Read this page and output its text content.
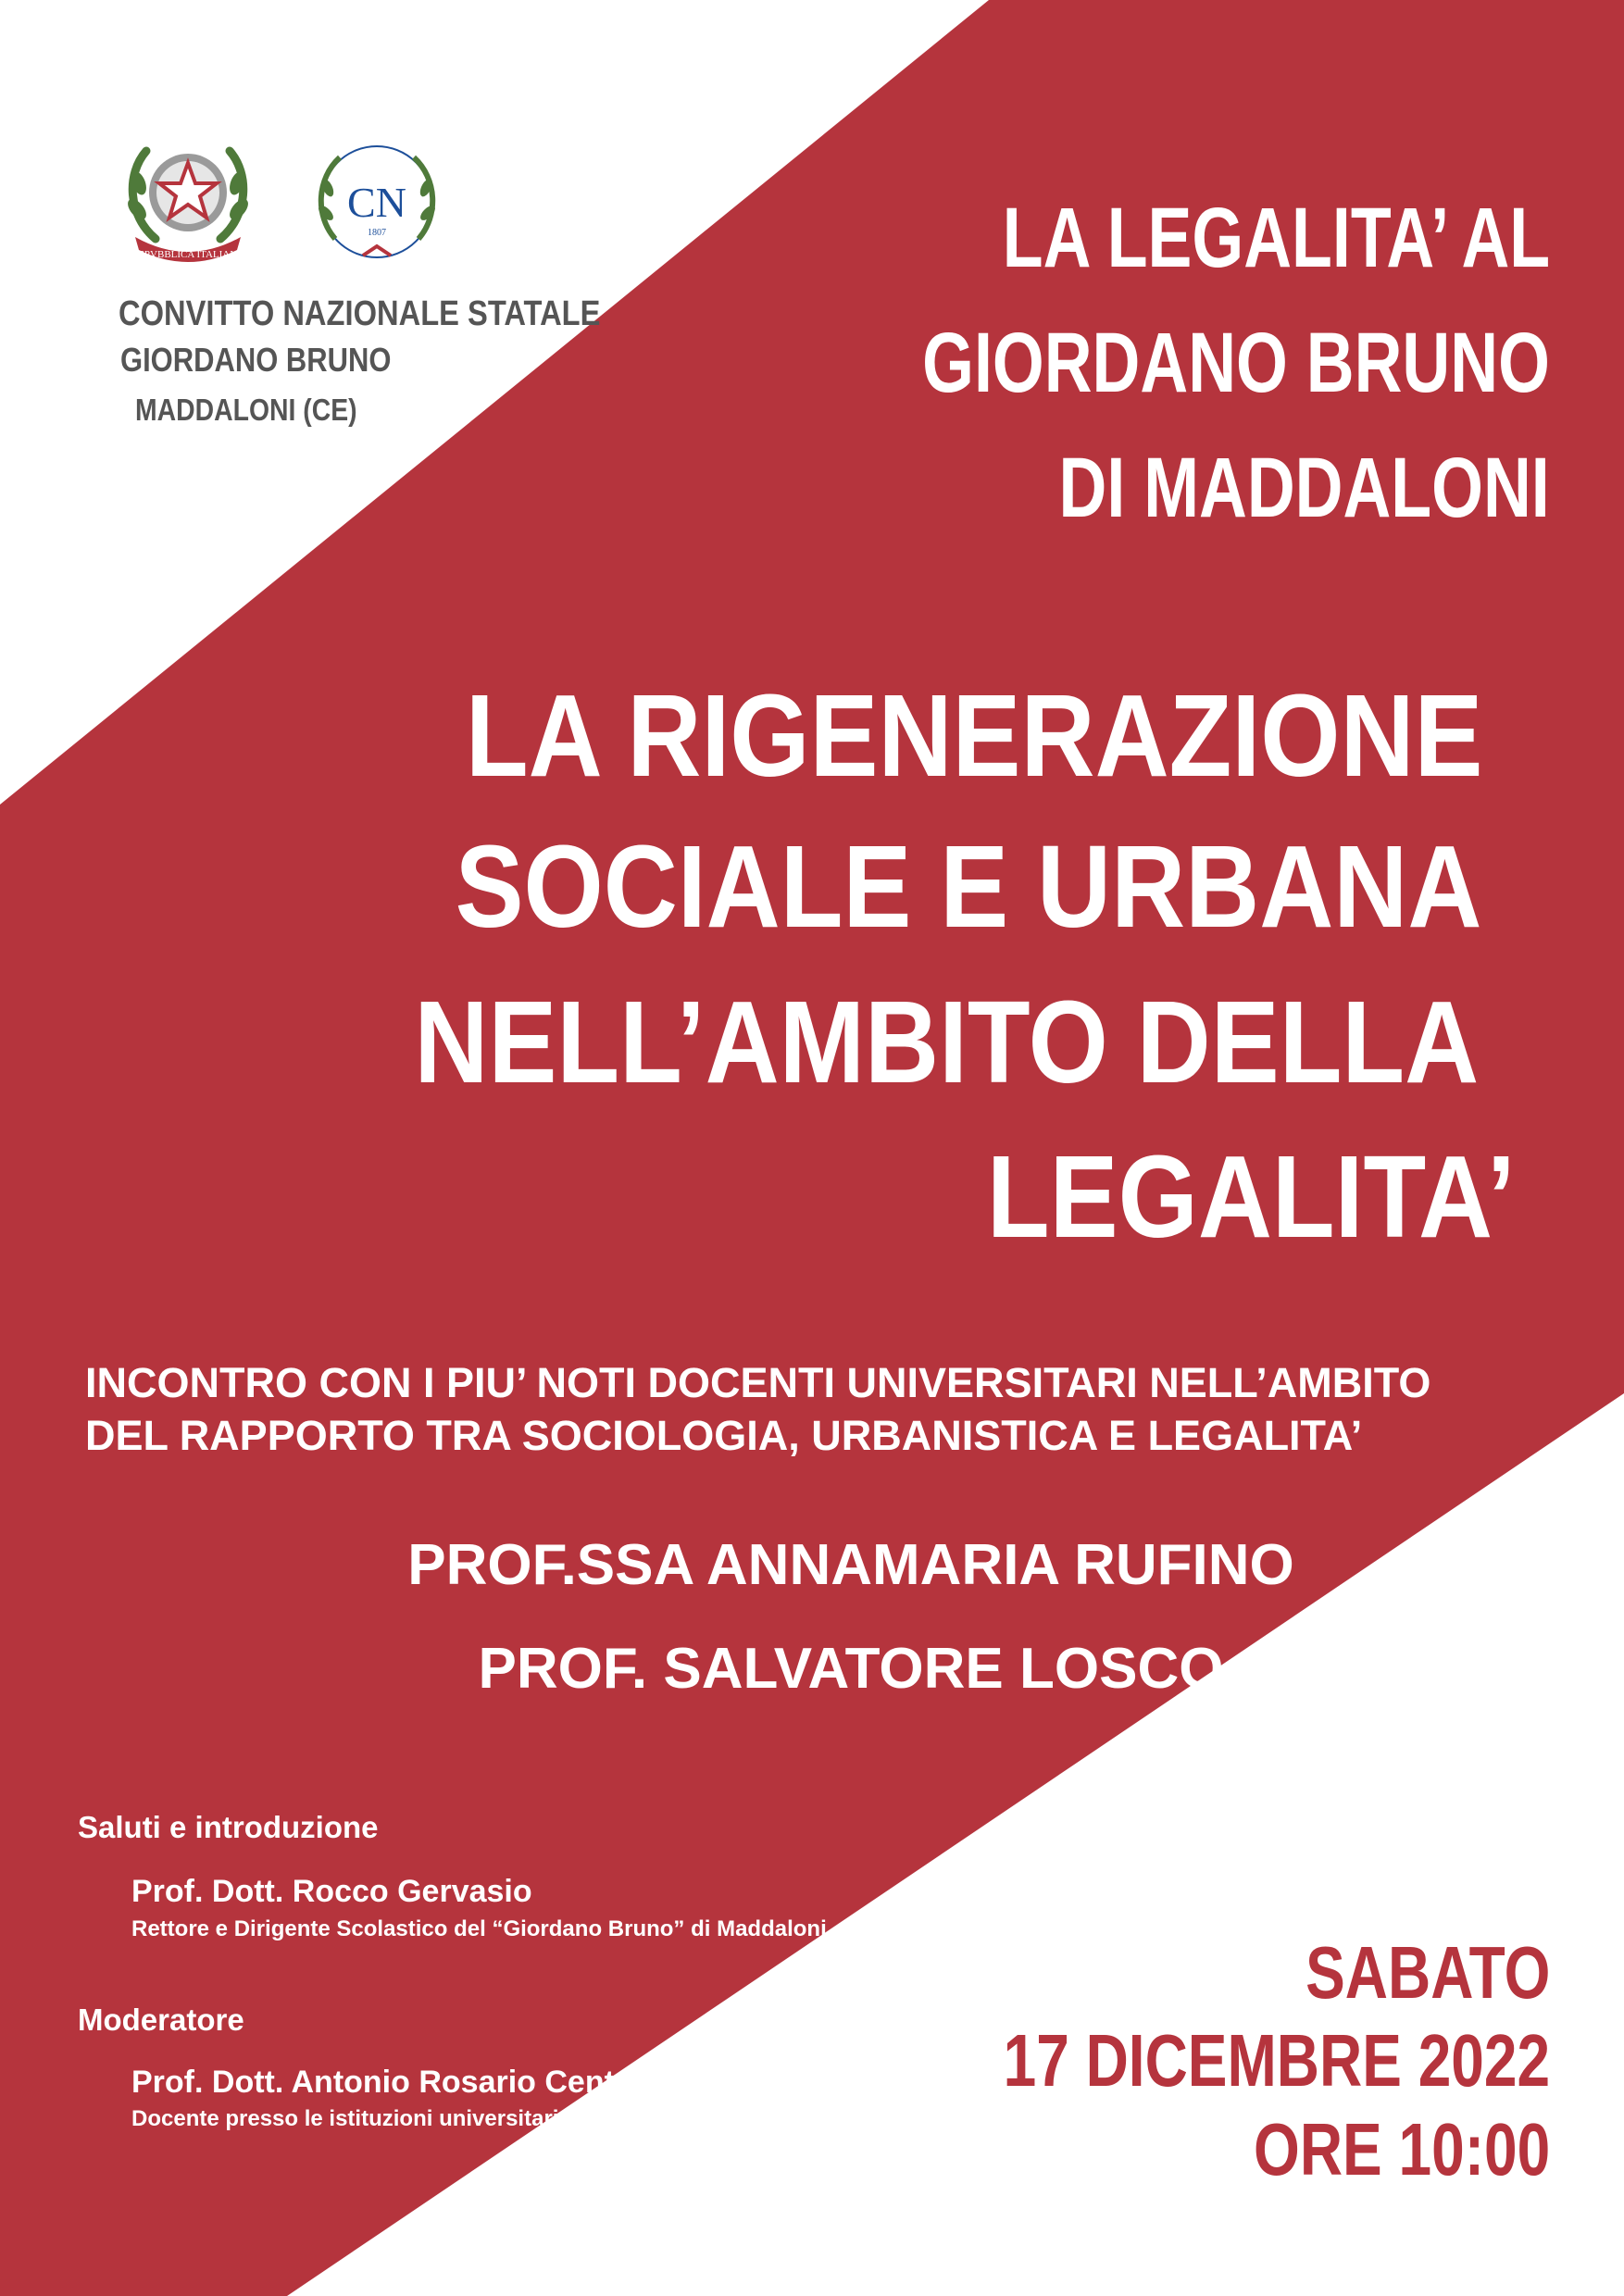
REPVBBLICA ITALIANA
CN
1807

CONVITTO NAZIONALE STATALE

GIORDANO BRUNO

MADDALONI (CE)

LA LEGALITA’ AL

GIORDANO BRUNO

DI MADDALONI

LA RIGENERAZIONE

SOCIALE E URBANA

NELL’AMBITO DELLA

LEGALITA’

INCONTRO CON I PIU’ NOTI DOCENTI UNIVERSITARI NELL’AMBITO

DEL RAPPORTO TRA SOCIOLOGIA, URBANISTICA E LEGALITA’

PROF.SSA ANNAMARIA RUFINO

PROF. SALVATORE LOSCO

Saluti e introduzione

Prof. Dott. Rocco Gervasio

Rettore e Dirigente Scolastico del “Giordano Bruno” di Maddaloni

Moderatore

Prof. Dott. Antonio Rosario Centore

Docente presso le istituzioni universitarie e scolastiche

SABATO

17 DICEMBRE 2022

ORE 10:00
